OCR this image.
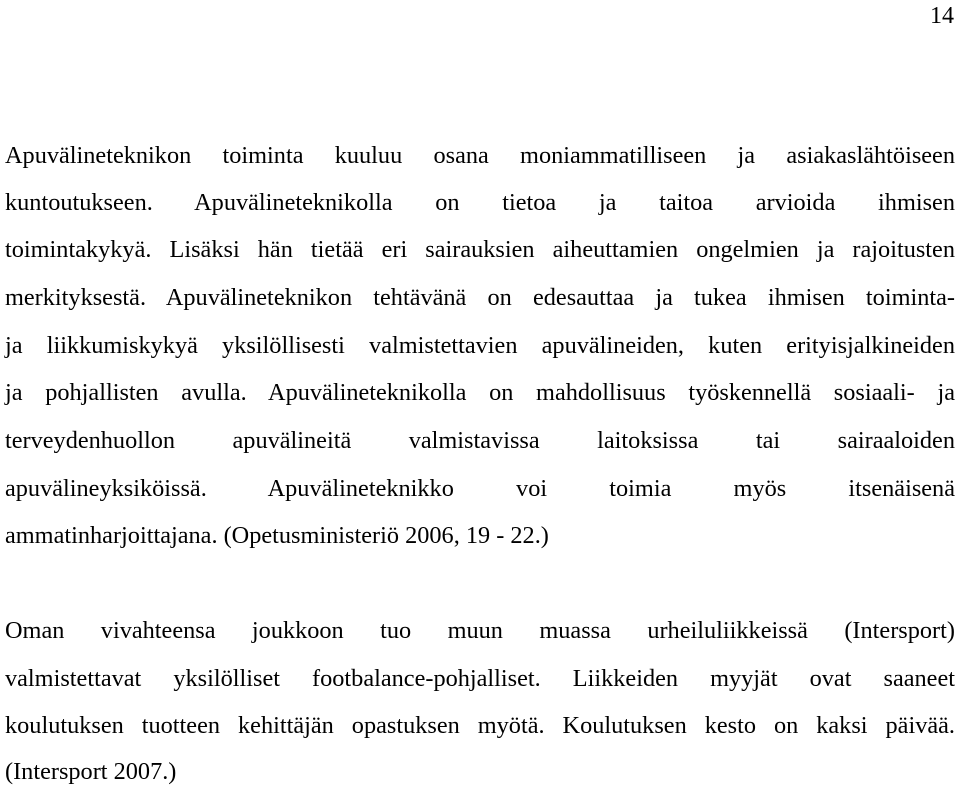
14
Apuvälineteknikon toiminta kuuluu osana moniammatilliseen ja asiakaslähtöiseen
kuntoutukseen. Apuvälineteknikolla on tietoa ja taitoa arvioida ihmisen
toimintakykyä. Lisäksi hän tietää eri sairauksien aiheuttamien ongelmien ja rajoitusten
merkityksestä. Apuvälineteknikon tehtävänä on edesauttaa ja tukea ihmisen toiminta-
ja liikkumiskykyä yksilöllisesti valmistettavien apuvälineiden, kuten erityisjalkineiden
ja pohjallisten avulla. Apuvälineteknikolla on mahdollisuus työskennellä sosiaali- ja
terveydenhuollon apuvälineitä valmistavissa laitoksissa tai sairaaloiden
apuvälineyksiköissä. Apuvälineteknikko voi toimia myös itsenäisenä
ammatinharjoittajana. (Opetusministeriö 2006, 19 - 22.)
Oman vivahteensa joukkoon tuo muun muassa urheiluliikkeissä (Intersport)
valmistettavat yksilölliset footbalance-pohjalliset. Liikkeiden myyjät ovat saaneet
koulutuksen tuotteen kehittäjän opastuksen myötä. Koulutuksen kesto on kaksi päivää.
(Intersport 2007.)
